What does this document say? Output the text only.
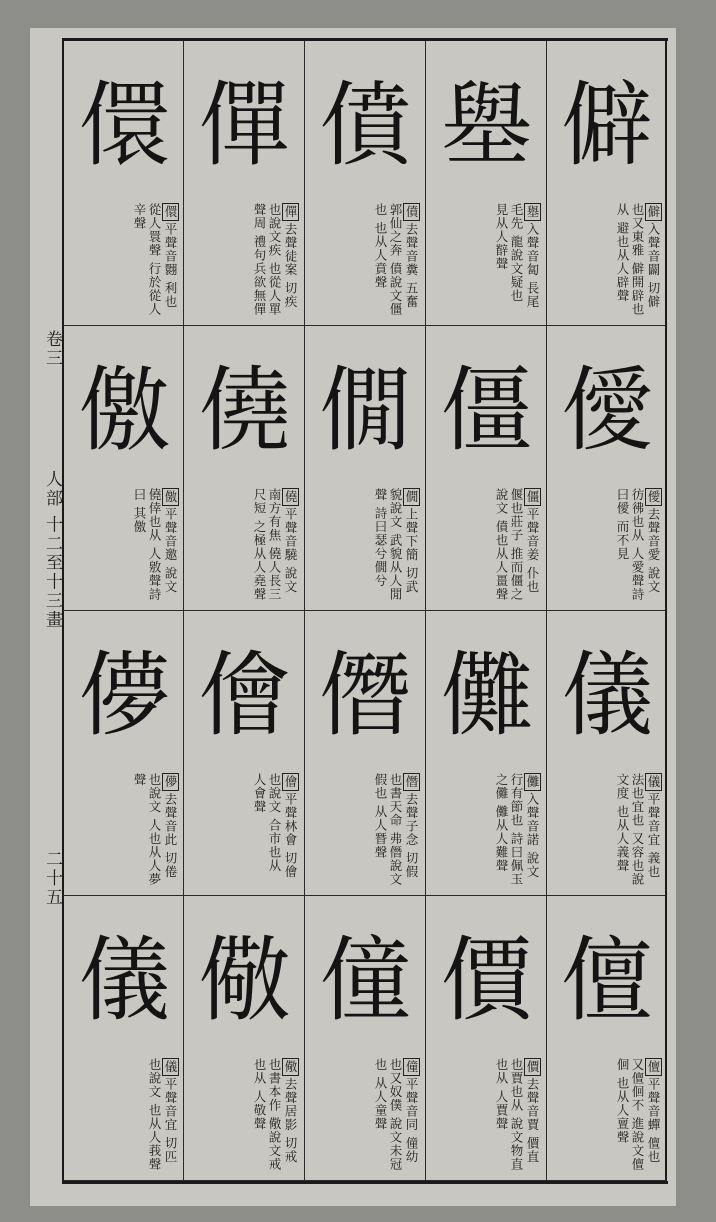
卷三
人部 十二至十三畫
二十五
儇
儇平聲音翾 利也從人睘聲 行於從人辛聲
僤
僤去聲徒案 切疾也說文疾 也從人單聲周 禮句兵欲無僤
僨
僨去聲音糞 五奮郭仙之奔 僨說文僵也 也从人賁聲
𡒊
𡒊入聲音匐 長尾毛先 龍說文疑也 見从人辥聲
僻
僻入聲音闢 切僻也又東雅 僻開辟也从 避也从人辟聲
儌
儌平聲音邀 說文僥倖也从 人敫聲詩曰 其儌
僥
僥平聲音驍 說文南方有焦 僥人長三尺短 之極从人堯聲
僩
僩上聲下簡 切武貌說文 武貌从人閒聲 詩曰瑟兮僩兮
僵
僵平聲音姜 仆也偃也莊子 推而僵之說文 僨也从人畺聲
僾
僾去聲音愛 說文彷彿也从 人愛聲詩曰僾 而不見
儚
儚去聲音此 切倦也說文 人也从人夢聲
儈
儈平聲林會 切儈也說文 合市也从 人會聲
僭
僭去聲子念 切假也書天命 弗僭說文假也 从人朁聲
儺
儺入聲音諾 說文行有節也 詩曰佩玉之儺 儺从人難聲
儀
儀平聲音宜 義也法也宜也 又容也說文度 也从人義聲
儀
儀平聲音宜 切匹也說文 也从人莪聲
儆
儆去聲居影 切戒也書本作 儆說文戒也从 人敬聲
僮
僮平聲音同 僮幼也又奴僕 說文未冠也 从人童聲
價
價去聲音賈 價直也賈也从 說文物直也从 人賈聲
儃
儃平聲音蟬 儃也又儃佪不 進說文儃佪 也从人亶聲
